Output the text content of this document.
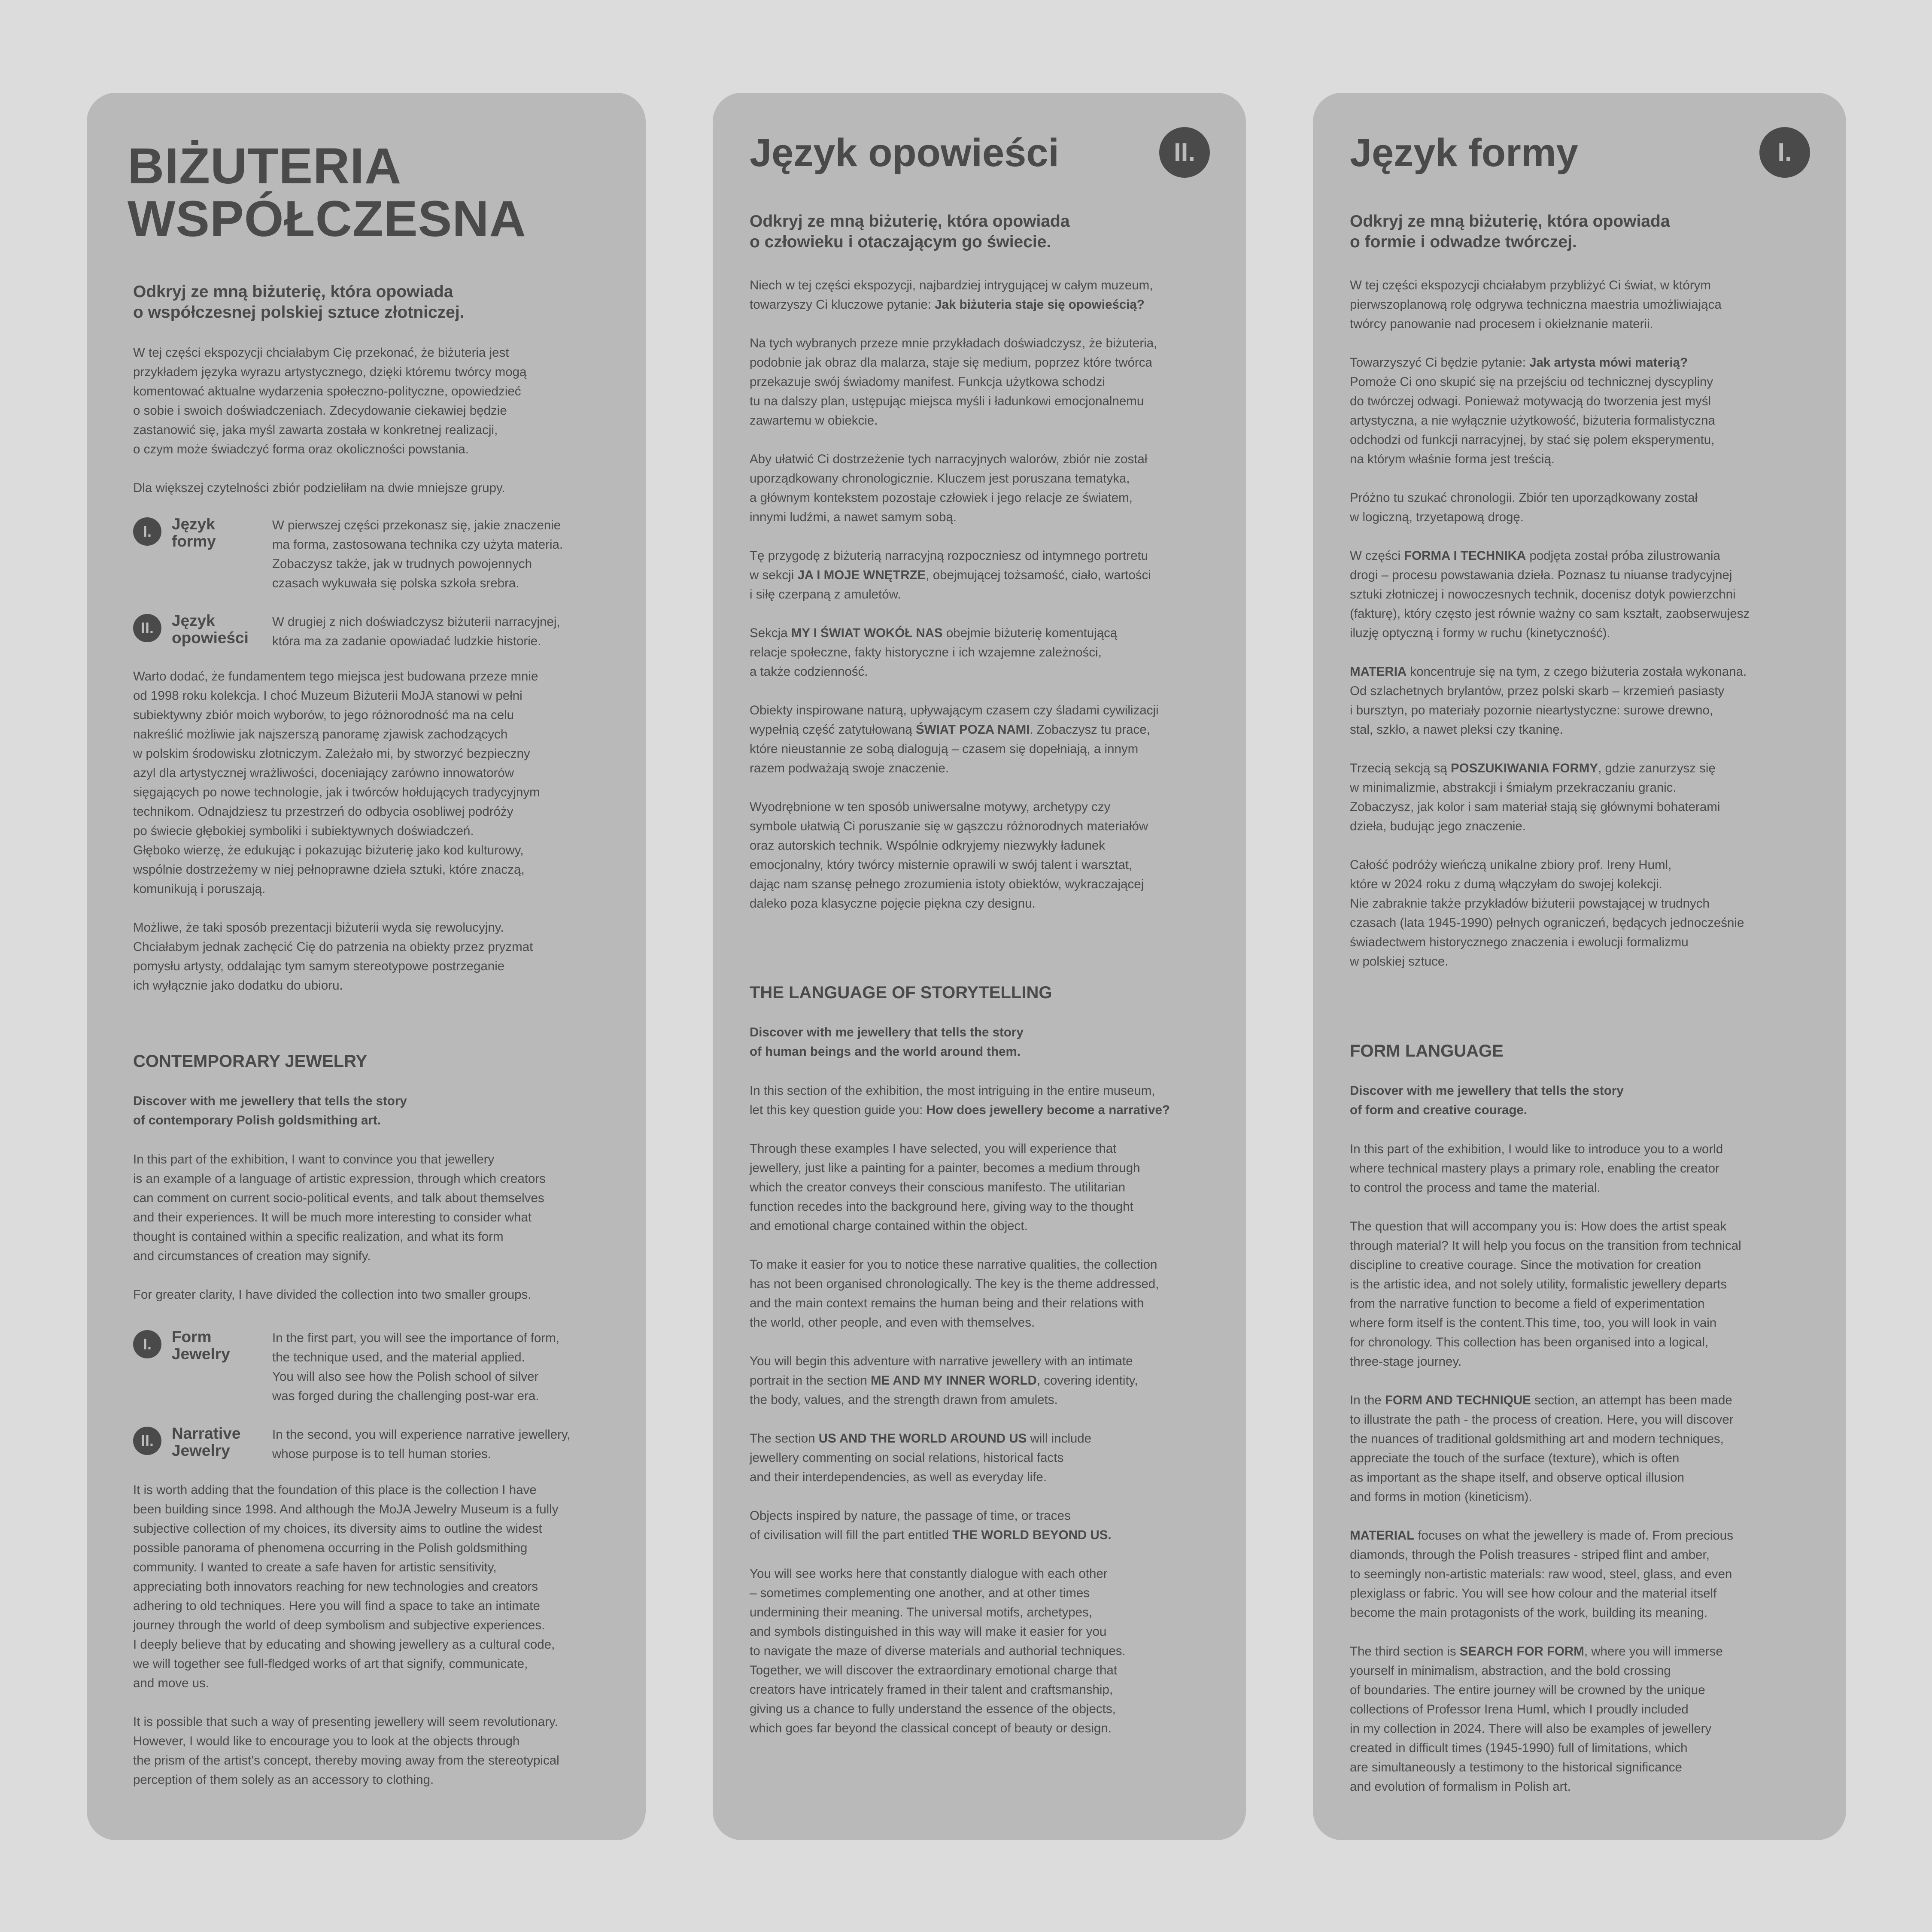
BIŻUTERIA
WSPÓŁCZESNA
Odkryj ze mną biżuterię, która opowiada
o współczesnej polskiej sztuce złotniczej.

W tej części ekspozycji chciałabym Cię przekonać, że biżuteria jest
przykładem języka wyrazu artystycznego, dzięki któremu twórcy mogą
komentować aktualne wydarzenia społeczno-polityczne, opowiedzieć
o sobie i swoich doświadczeniach. Zdecydowanie ciekawiej będzie
zastanowić się, jaka myśl zawarta została w konkretnej realizacji,
o czym może świadczyć forma oraz okoliczności powstania.

Dla większej czytelności zbiór podzieliłam na dwie mniejsze grupy.

I.	Język
formy
W pierwszej części przekonasz się, jakie znaczenie
ma forma, zastosowana technika czy użyta materia.
Zobaczysz także, jak w trudnych powojennych
czasach wykuwała się polska szkoła srebra.
II.	Język
opowieści
W drugiej z nich doświadczysz biżuterii narracyjnej,
która ma za zadanie opowiadać ludzkie historie.

Warto dodać, że fundamentem tego miejsca jest budowana przeze mnie
od 1998 roku kolekcja. I choć Muzeum Biżuterii MoJA stanowi w pełni
subiektywny zbiór moich wyborów, to jego różnorodność ma na celu
nakreślić możliwie jak najszerszą panoramę zjawisk zachodzących
w polskim środowisku złotniczym. Zależało mi, by stworzyć bezpieczny
azyl dla artystycznej wrażliwości, doceniający zarówno innowatorów
sięgających po nowe technologie, jak i twórców hołdujących tradycyjnym
technikom. Odnajdziesz tu przestrzeń do odbycia osobliwej podróży
po świecie głębokiej symboliki i subiektywnych doświadczeń.
Głęboko wierzę, że edukując i pokazując biżuterię jako kod kulturowy,
wspólnie dostrzeżemy w niej pełnoprawne dzieła sztuki, które znaczą,
komunikują i poruszają.

Możliwe, że taki sposób prezentacji biżuterii wyda się rewolucyjny.
Chciałabym jednak zachęcić Cię do patrzenia na obiekty przez pryzmat
pomysłu artysty, oddalając tym samym stereotypowe postrzeganie
ich wyłącznie jako dodatku do ubioru.

CONTEMPORARY JEWELRY
Discover with me jewellery that tells the story
of contemporary Polish goldsmithing art.

In this part of the exhibition, I want to convince you that jewellery
is an example of a language of artistic expression, through which creators
can comment on current socio-political events, and talk about themselves
and their experiences. It will be much more interesting to consider what
thought is contained within a specific realization, and what its form
and circumstances of creation may signify.

For greater clarity, I have divided the collection into two smaller groups.

I.	Form
Jewelry
In the first part, you will see the importance of form,
the technique used, and the material applied.
You will also see how the Polish school of silver
was forged during the challenging post-war era.
II.	Narrative
Jewelry
In the second, you will experience narrative jewellery,
whose purpose is to tell human stories.

It is worth adding that the foundation of this place is the collection I have
been building since 1998. And although the MoJA Jewelry Museum is a fully
subjective collection of my choices, its diversity aims to outline the widest
possible panorama of phenomena occurring in the Polish goldsmithing
community. I wanted to create a safe haven for artistic sensitivity,
appreciating both innovators reaching for new technologies and creators
adhering to old techniques. Here you will find a space to take an intimate
journey through the world of deep symbolism and subjective experiences.
I deeply believe that by educating and showing jewellery as a cultural code,
we will together see full-fledged works of art that signify, communicate,
and move us.

It is possible that such a way of presenting jewellery will seem revolutionary.
However, I would like to encourage you to look at the objects through
the prism of the artist's concept, thereby moving away from the stereotypical
perception of them solely as an accessory to clothing.

Język opowieści	II.
Odkryj ze mną biżuterię, która opowiada
o człowieku i otaczającym go świecie.

Niech w tej części ekspozycji, najbardziej intrygującej w całym muzeum,
towarzyszy Ci kluczowe pytanie: Jak biżuteria staje się opowieścią?

Na tych wybranych przeze mnie przykładach doświadczysz, że biżuteria,
podobnie jak obraz dla malarza, staje się medium, poprzez które twórca
przekazuje swój świadomy manifest. Funkcja użytkowa schodzi
tu na dalszy plan, ustępując miejsca myśli i ładunkowi emocjonalnemu
zawartemu w obiekcie.

Aby ułatwić Ci dostrzeżenie tych narracyjnych walorów, zbiór nie został
uporządkowany chronologicznie. Kluczem jest poruszana tematyka,
a głównym kontekstem pozostaje człowiek i jego relacje ze światem,
innymi ludźmi, a nawet samym sobą.

Tę przygodę z biżuterią narracyjną rozpoczniesz od intymnego portretu
w sekcji JA I MOJE WNĘTRZE, obejmującej tożsamość, ciało, wartości
i siłę czerpaną z amuletów.

Sekcja MY I ŚWIAT WOKÓŁ NAS obejmie biżuterię komentującą
relacje społeczne, fakty historyczne i ich wzajemne zależności,
a także codzienność.

Obiekty inspirowane naturą, upływającym czasem czy śladami cywilizacji
wypełnią część zatytułowaną ŚWIAT POZA NAMI. Zobaczysz tu prace,
które nieustannie ze sobą dialogują – czasem się dopełniają, a innym
razem podważają swoje znaczenie.

Wyodrębnione w ten sposób uniwersalne motywy, archetypy czy
symbole ułatwią Ci poruszanie się w gąszczu różnorodnych materiałów
oraz autorskich technik. Wspólnie odkryjemy niezwykły ładunek
emocjonalny, który twórcy misternie oprawili w swój talent i warsztat,
dając nam szansę pełnego zrozumienia istoty obiektów, wykraczającej
daleko poza klasyczne pojęcie piękna czy designu.

THE LANGUAGE OF STORYTELLING
Discover with me jewellery that tells the story
of human beings and the world around them.

In this section of the exhibition, the most intriguing in the entire museum,
let this key question guide you: How does jewellery become a narrative?

Through these examples I have selected, you will experience that
jewellery, just like a painting for a painter, becomes a medium through
which the creator conveys their conscious manifesto. The utilitarian
function recedes into the background here, giving way to the thought
and emotional charge contained within the object.

To make it easier for you to notice these narrative qualities, the collection
has not been organised chronologically. The key is the theme addressed,
and the main context remains the human being and their relations with
the world, other people, and even with themselves.

You will begin this adventure with narrative jewellery with an intimate
portrait in the section ME AND MY INNER WORLD, covering identity,
the body, values, and the strength drawn from amulets.

The section US AND THE WORLD AROUND US will include
jewellery commenting on social relations, historical facts
and their interdependencies, as well as everyday life.

Objects inspired by nature, the passage of time, or traces
of civilisation will fill the part entitled THE WORLD BEYOND US.

You will see works here that constantly dialogue with each other
– sometimes complementing one another, and at other times
undermining their meaning. The universal motifs, archetypes,
and symbols distinguished in this way will make it easier for you
to navigate the maze of diverse materials and authorial techniques.
Together, we will discover the extraordinary emotional charge that
creators have intricately framed in their talent and craftsmanship,
giving us a chance to fully understand the essence of the objects,
which goes far beyond the classical concept of beauty or design.

Język formy	I.
Odkryj ze mną biżuterię, która opowiada
o formie i odwadze twórczej.

W tej części ekspozycji chciałabym przybliżyć Ci świat, w którym
pierwszoplanową rolę odgrywa techniczna maestria umożliwiająca
twórcy panowanie nad procesem i okiełznanie materii.

Towarzyszyć Ci będzie pytanie: Jak artysta mówi materią?
Pomoże Ci ono skupić się na przejściu od technicznej dyscypliny
do twórczej odwagi. Ponieważ motywacją do tworzenia jest myśl
artystyczna, a nie wyłącznie użytkowość, biżuteria formalistyczna
odchodzi od funkcji narracyjnej, by stać się polem eksperymentu,
na którym właśnie forma jest treścią.

Próżno tu szukać chronologii. Zbiór ten uporządkowany został
w logiczną, trzyetapową drogę.

W części FORMA I TECHNIKA podjęta został próba zilustrowania
drogi – procesu powstawania dzieła. Poznasz tu niuanse tradycyjnej
sztuki złotniczej i nowoczesnych technik, docenisz dotyk powierzchni
(fakturę), który często jest równie ważny co sam kształt, zaobserwujesz
iluzję optyczną i formy w ruchu (kinetyczność).

MATERIA koncentruje się na tym, z czego biżuteria została wykonana.
Od szlachetnych brylantów, przez polski skarb – krzemień pasiasty
i bursztyn, po materiały pozornie nieartystyczne: surowe drewno,
stal, szkło, a nawet pleksi czy tkaninę.

Trzecią sekcją są POSZUKIWANIA FORMY, gdzie zanurzysz się
w minimalizmie, abstrakcji i śmiałym przekraczaniu granic.
Zobaczysz, jak kolor i sam materiał stają się głównymi bohaterami
dzieła, budując jego znaczenie.

Całość podróży wieńczą unikalne zbiory prof. Ireny Huml,
które w 2024 roku z dumą włączyłam do swojej kolekcji.
Nie zabraknie także przykładów biżuterii powstającej w trudnych
czasach (lata 1945-1990) pełnych ograniczeń, będących jednocześnie
świadectwem historycznego znaczenia i ewolucji formalizmu
w polskiej sztuce.

FORM LANGUAGE
Discover with me jewellery that tells the story
of form and creative courage.

In this part of the exhibition, I would like to introduce you to a world
where technical mastery plays a primary role, enabling the creator
to control the process and tame the material.

The question that will accompany you is: How does the artist speak
through material? It will help you focus on the transition from technical
discipline to creative courage. Since the motivation for creation
is the artistic idea, and not solely utility, formalistic jewellery departs
from the narrative function to become a field of experimentation
where form itself is the content.This time, too, you will look in vain
for chronology. This collection has been organised into a logical,
three-stage journey.

In the FORM AND TECHNIQUE section, an attempt has been made
to illustrate the path - the process of creation. Here, you will discover
the nuances of traditional goldsmithing art and modern techniques,
appreciate the touch of the surface (texture), which is often
as important as the shape itself, and observe optical illusion
and forms in motion (kineticism).

MATERIAL focuses on what the jewellery is made of. From precious
diamonds, through the Polish treasures - striped flint and amber,
to seemingly non-artistic materials: raw wood, steel, glass, and even
plexiglass or fabric. You will see how colour and the material itself
become the main protagonists of the work, building its meaning.

The third section is SEARCH FOR FORM, where you will immerse
yourself in minimalism, abstraction, and the bold crossing
of boundaries. The entire journey will be crowned by the unique
collections of Professor Irena Huml, which I proudly included
in my collection in 2024. There will also be examples of jewellery
created in difficult times (1945-1990) full of limitations, which
are simultaneously a testimony to the historical significance
and evolution of formalism in Polish art.
